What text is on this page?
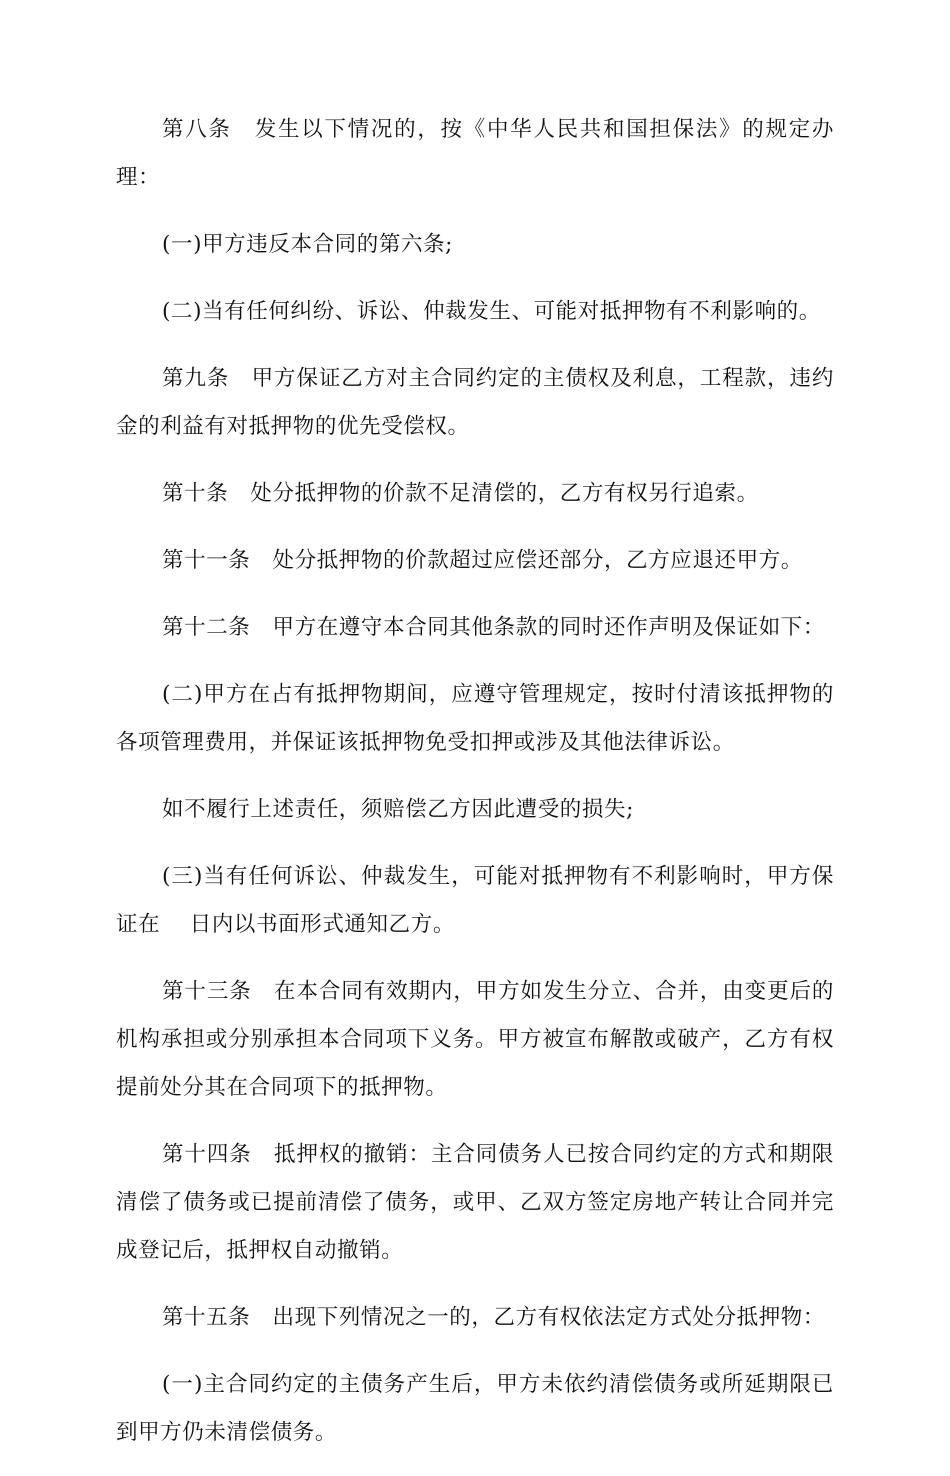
第八条　发生以下情况的，按《中华人民共和国担保法》的规定办理：

(一)甲方违反本合同的第六条;

(二)当有任何纠纷、诉讼、仲裁发生、可能对抵押物有不利影响的。

第九条　甲方保证乙方对主合同约定的主债权及利息，工程款，违约金的利益有对抵押物的优先受偿权。

第十条　处分抵押物的价款不足清偿的，乙方有权另行追索。

第十一条　处分抵押物的价款超过应偿还部分，乙方应退还甲方。

第十二条　甲方在遵守本合同其他条款的同时还作声明及保证如下：

(二)甲方在占有抵押物期间，应遵守管理规定，按时付清该抵押物的各项管理费用，并保证该抵押物免受扣押或涉及其他法律诉讼。

如不履行上述责任，须赔偿乙方因此遭受的损失;

(三)当有任何诉讼、仲裁发生，可能对抵押物有不利影响时，甲方保证在　 日内以书面形式通知乙方。

第十三条　在本合同有效期内，甲方如发生分立、合并，由变更后的机构承担或分别承担本合同项下义务。甲方被宣布解散或破产，乙方有权提前处分其在合同项下的抵押物。

第十四条　抵押权的撤销：主合同债务人已按合同约定的方式和期限清偿了债务或已提前清偿了债务，或甲、乙双方签定房地产转让合同并完成登记后，抵押权自动撤销。

第十五条　出现下列情况之一的，乙方有权依法定方式处分抵押物：

(一)主合同约定的主债务产生后，甲方未依约清偿债务或所延期限已到甲方仍未清偿债务。
